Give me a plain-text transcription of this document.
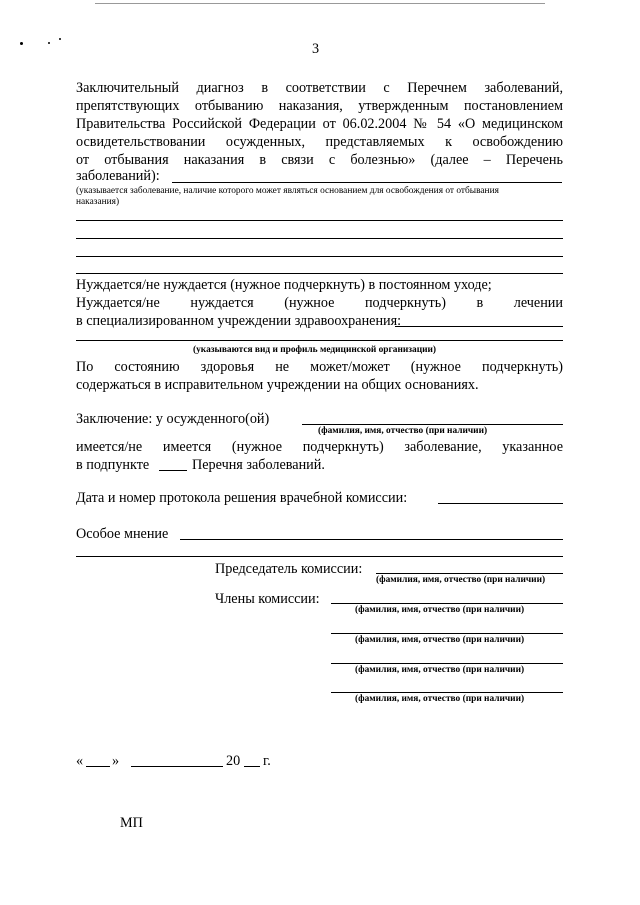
3
Заключительный диагноз в соответствии с Перечнем заболеваний,
препятствующих отбыванию наказания, утвержденным постановлением
Правительства Российской Федерации от 06.02.2004 № 54 «О медицинском
освидетельствовании осужденных, представляемых к освобождению
от отбывания наказания в связи с болезнью» (далее – Перечень
заболеваний):
(указывается заболевание, наличие которого может являться основанием для освобождения от отбывания
наказания)
Нуждается/не нуждается (нужное подчеркнуть) в постоянном уходе;
Нуждается/не нуждается (нужное подчеркнуть) в лечении
в специализированном учреждении здравоохранения:
(указываются вид и профиль медицинской организации)
По состоянию здоровья не может/может (нужное подчеркнуть)
содержаться в исправительном учреждении на общих основаниях.
Заключение: у осужденного(ой)
(фамилия, имя, отчество (при наличии)
имеется/не имеется (нужное подчеркнуть) заболевание, указанное
в подпункте	Перечня заболеваний.
Дата и номер протокола решения врачебной комиссии:
Особое мнение
Председатель комиссии:
(фамилия, имя, отчество (при наличии)
Члены комиссии:
(фамилия, имя, отчество (при наличии)
(фамилия, имя, отчество (при наличии)
(фамилия, имя, отчество (при наличии)
(фамилия, имя, отчество (при наличии)
« »	20 г.
МП
